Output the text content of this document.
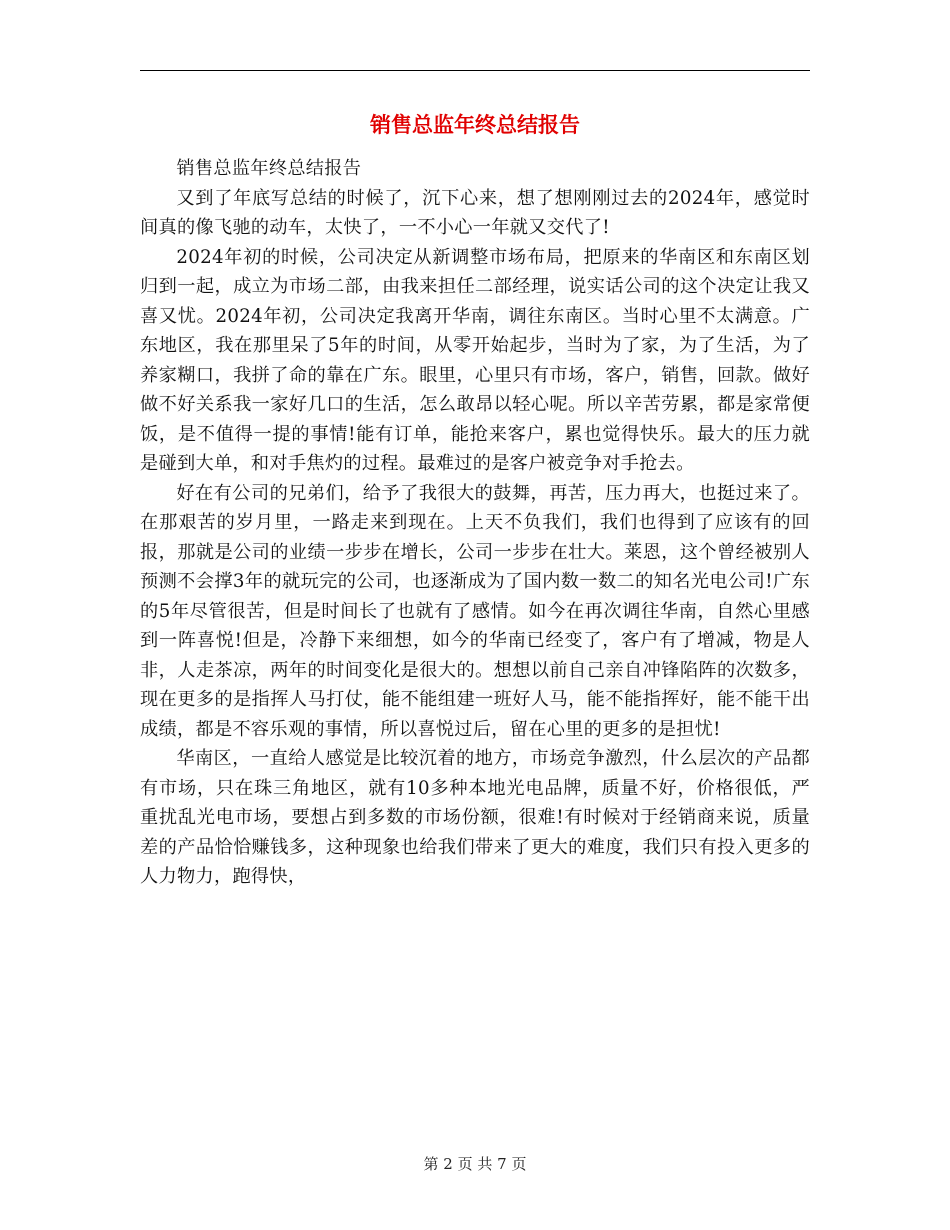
销售总监年终总结报告

销售总监年终总结报告

又到了年底写总结的时候了，沉下心来，想了想刚刚过去的2024年，感觉时间真的像飞驰的动车，太快了，一不小心一年就又交代了!

2024年初的时候，公司决定从新调整市场布局，把原来的华南区和东南区划归到一起，成立为市场二部，由我来担任二部经理，说实话公司的这个决定让我又喜又忧。2024年初，公司决定我离开华南，调往东南区。当时心里不太满意。广东地区，我在那里呆了5年的时间，从零开始起步，当时为了家，为了生活，为了养家糊口，我拼了命的靠在广东。眼里，心里只有市场，客户，销售，回款。做好做不好关系我一家好几口的生活，怎么敢昂以轻心呢。所以辛苦劳累，都是家常便饭，是不值得一提的事情!能有订单，能抢来客户，累也觉得快乐。最大的压力就是碰到大单，和对手焦灼的过程。最难过的是客户被竞争对手抢去。

好在有公司的兄弟们，给予了我很大的鼓舞，再苦，压力再大，也挺过来了。在那艰苦的岁月里，一路走来到现在。上天不负我们，我们也得到了应该有的回报，那就是公司的业绩一步步在增长，公司一步步在壮大。莱恩，这个曾经被别人预测不会撑3年的就玩完的公司，也逐渐成为了国内数一数二的知名光电公司!广东的5年尽管很苦，但是时间长了也就有了感情。如今在再次调往华南，自然心里感到一阵喜悦!但是，冷静下来细想，如今的华南已经变了，客户有了增减，物是人非，人走茶凉，两年的时间变化是很大的。想想以前自己亲自冲锋陷阵的次数多，现在更多的是指挥人马打仗，能不能组建一班好人马，能不能指挥好，能不能干出成绩，都是不容乐观的事情，所以喜悦过后，留在心里的更多的是担忧!

华南区，一直给人感觉是比较沉着的地方，市场竞争激烈，什么层次的产品都有市场，只在珠三角地区，就有10多种本地光电品牌，质量不好，价格很低，严重扰乱光电市场，要想占到多数的市场份额，很难!有时候对于经销商来说，质量差的产品恰恰赚钱多，这种现象也给我们带来了更大的难度，我们只有投入更多的人力物力，跑得快，

第 2 页 共 7 页
